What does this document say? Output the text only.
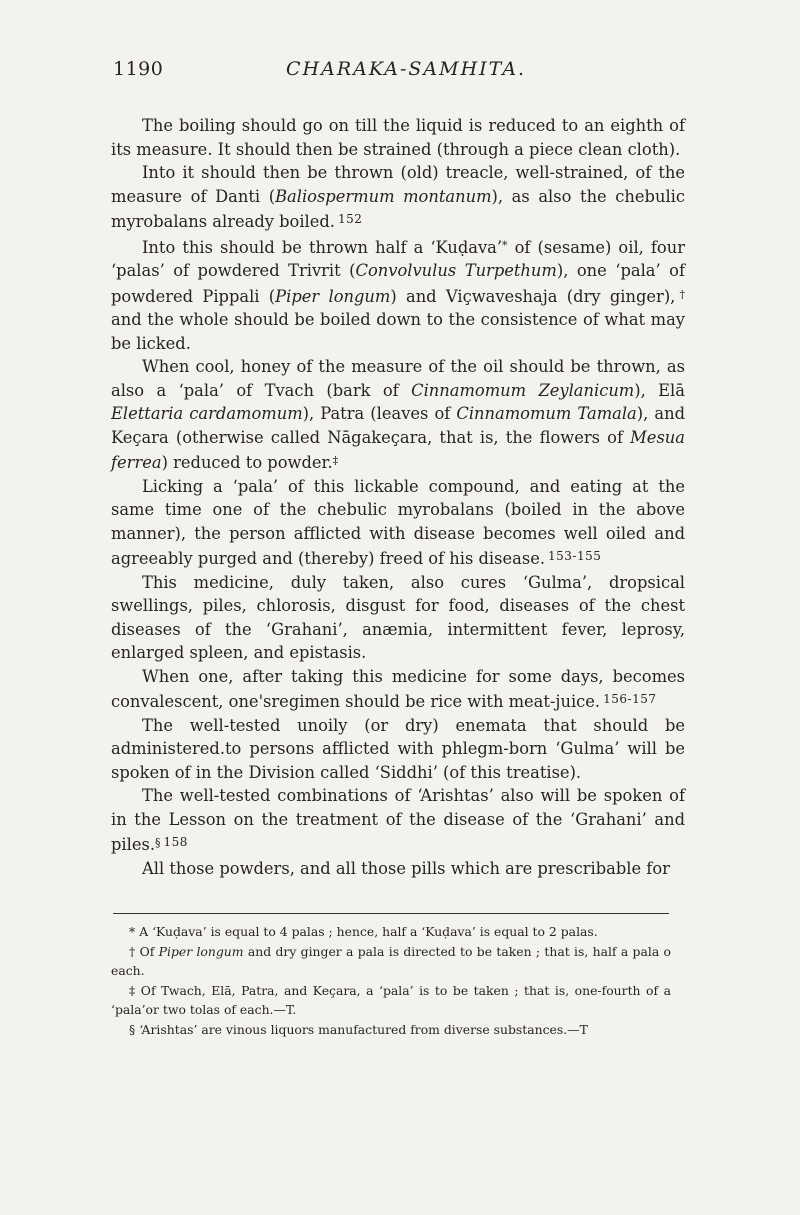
1190	CHARAKA-SAMHITA.

The boiling should go on till the liquid is reduced to an eighth of its measure. It should then be strained (through a piece clean cloth).

Into it should then be thrown (old) treacle, well-strained, of the measure of Danti (Baliospermum montanum), as also the chebulic myrobalans already boiled. $^{152}$

Into this should be thrown half a ‘Kuḍava’* of (sesame) oil, four ‘palas’ of powdered Trivrit (Convolvulus Turpethum), one ‘pala’ of powdered Pippali (Piper longum) and Viçwaveshaja (dry ginger),† and the whole should be boiled down to the consistence of what may be licked.

When cool, honey of the measure of the oil should be thrown, as also a ‘pala’ of Tvach (bark of Cinnamomum Zeylanicum), Elā Elettaria cardamomum), Patra (leaves of Cinnamomum Tamala), and Keçara (otherwise called Nāgakeçara, that is, the flowers of Mesua ferrea) reduced to powder.‡

Licking a ‘pala’ of this lickable compound, and eating at the same time one of the chebulic myrobalans (boiled in the above manner), the person afflicted with disease becomes well oiled and agreeably purged and (thereby) freed of his disease. $^{153-155}$

This medicine, duly taken, also cures ‘Gulma’, dropsical swellings, piles, chlorosis, disgust for food, diseases of the chest diseases of the ‘Grahani’, anæmia, intermittent fever, leprosy, enlarged spleen, and epistasis.

When one, after taking this medicine for some days, becomes convalescent, one'sregimen should be rice with meat-juice. $^{156-157}$

The well-tested unoily (or dry) enemata that should be administered.to persons afflicted with phlegm-born ‘Gulma’ will be spoken of in the Division called ‘Siddhi’ (of this treatise).

The well-tested combinations of ‘Arishtas’ also will be spoken of in the Lesson on the treatment of the disease of the ‘Grahani’ and piles.§ $^{158}$

All those powders, and all those pills which are prescribable for

* A ‘Kuḍava’ is equal to 4 palas ; hence, half a ‘Kuḍava’ is equal to 2 palas.

† Of Piper longum and dry ginger a pala is directed to be taken ; that is, half a pala o each.

‡ Of Twach, Elā, Patra, and Keçara, a ‘pala’ is to be taken ; that is, one-fourth of a ‘pala’or two tolas of each.—T.

§ ‘Arishtas’ are vinous liquors manufactured from diverse substances.—T
